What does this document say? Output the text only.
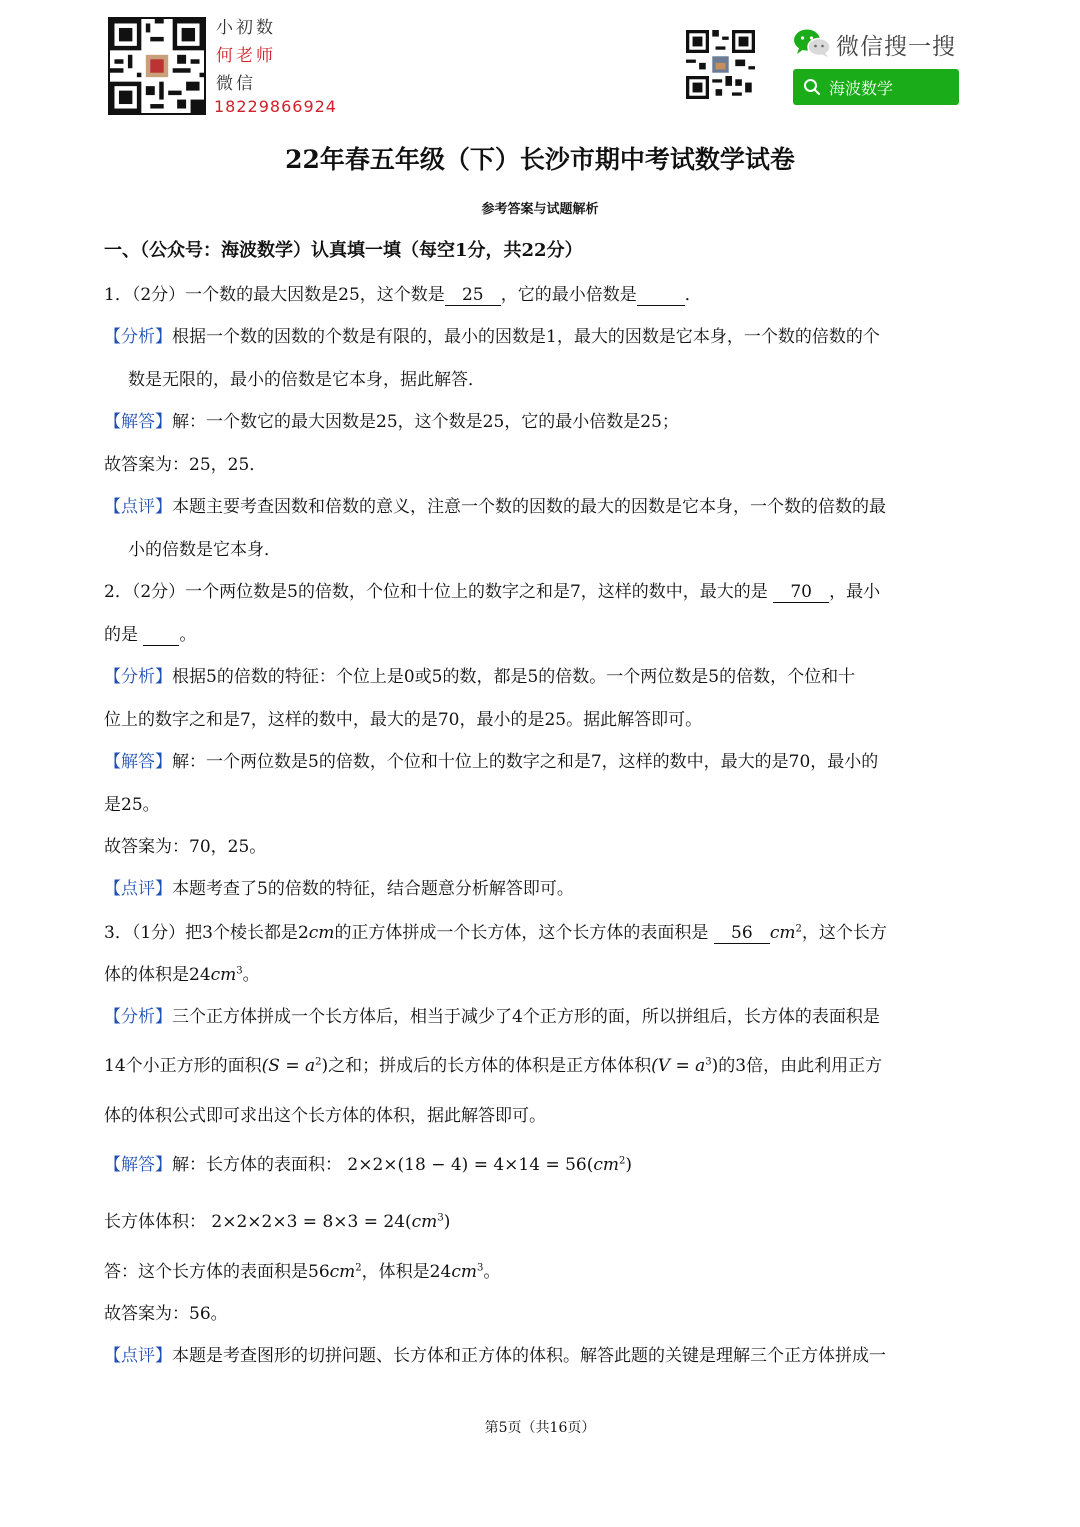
小初数
何老师
微信
18229866924
微信搜一搜
海波数学
22年春五年级（下）长沙市期中考试数学试卷
参考答案与试题解析
一、（公众号：海波数学）认真填一填（每空1分，共22分）
1．（2分）一个数的最大因数是25，这个数是 25 ，它的最小倍数是	．
【分析】根据一个数的因数的个数是有限的，最小的因数是1，最大的因数是它本身，一个数的倍数的个
数是无限的，最小的倍数是它本身，据此解答．
【解答】解：一个数它的最大因数是25，这个数是25，它的最小倍数是25；
故答案为：25，25．
【点评】本题主要考查因数和倍数的意义，注意一个数的因数的最大的因数是它本身，一个数的倍数的最
小的倍数是它本身．
2．（2分）一个两位数是5的倍数，个位和十位上的数字之和是7，这样的数中，最大的是 70 ，最小
的是 。
【分析】根据5的倍数的特征：个位上是0或5的数，都是5的倍数。一个两位数是5的倍数，个位和十
位上的数字之和是7，这样的数中，最大的是70，最小的是25。据此解答即可。
【解答】解：一个两位数是5的倍数，个位和十位上的数字之和是7，这样的数中，最大的是70，最小的
是25。
故答案为：70，25。
【点评】本题考查了5的倍数的特征，结合题意分析解答即可。
3．（1分）把3个棱长都是2cm的正方体拼成一个长方体，这个长方体的表面积是 56 $cm^2$，这个长方
体的体积是$24cm^3$。
【分析】三个正方体拼成一个长方体后，相当于减少了4个正方形的面，所以拼组后，长方体的表面积是
14个小正方形的面积$(S = a^2)$之和；拼成后的长方体的体积是正方体体积$(V = a^3)$的3倍，由此利用正方
体的体积公式即可求出这个长方体的体积，据此解答即可。
【解答】解：长方体的表面积： $2\times 2\times(18 - 4) = 4\times 14 = 56(cm^2)$
长方体体积： $2\times 2\times 2\times 3 = 8\times 3 = 24(cm^3)$
答：这个长方体的表面积是$56cm^2$，体积是$24cm^3$。
故答案为：56。
【点评】本题是考查图形的切拼问题、长方体和正方体的体积。解答此题的关键是理解三个正方体拼成一
第5页（共16页）
